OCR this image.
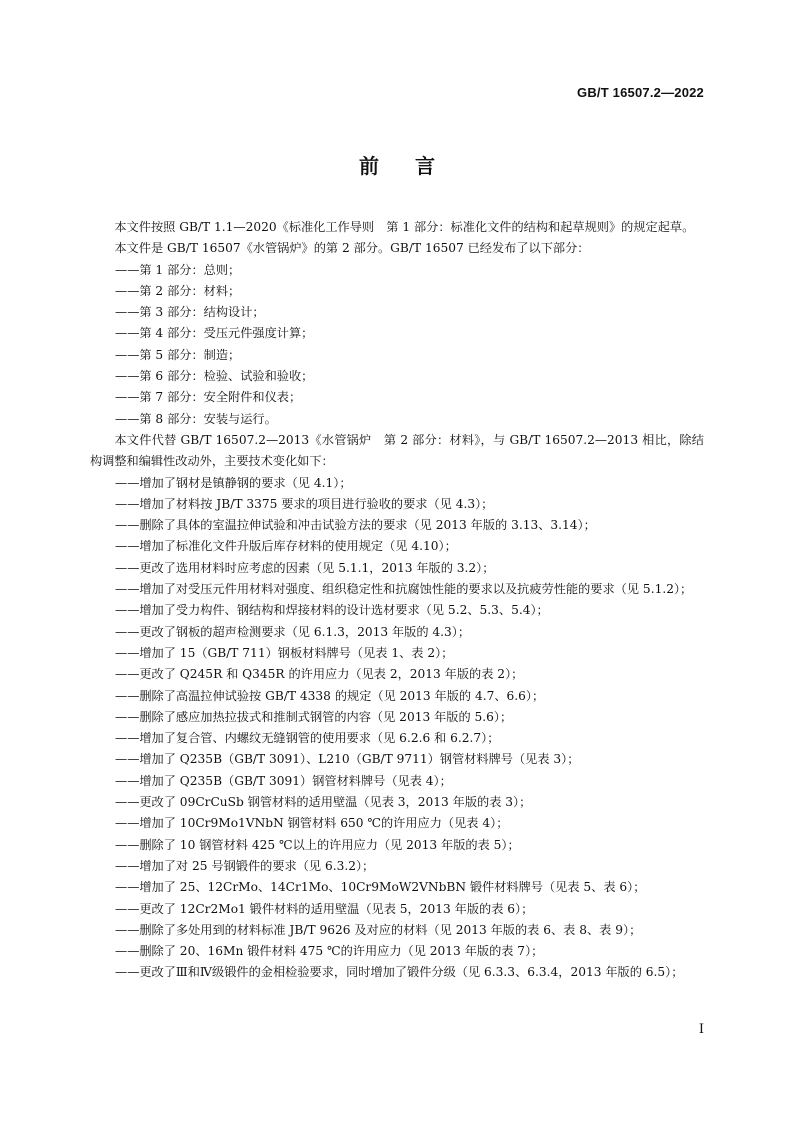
GB/T 16507.2—2022
前 言

本文件按照 GB/T 1.1—2020《标准化工作导则　第 1 部分：标准化文件的结构和起草规则》的规定起草。

本文件是 GB/T 16507《水管锅炉》的第 2 部分。GB/T 16507 已经发布了以下部分：

——第 1 部分：总则；

——第 2 部分：材料；

——第 3 部分：结构设计；

——第 4 部分：受压元件强度计算；

——第 5 部分：制造；

——第 6 部分：检验、试验和验收；

——第 7 部分：安全附件和仪表；

——第 8 部分：安装与运行。

本文件代替 GB/T 16507.2—2013《水管锅炉　第 2 部分：材料》，与 GB/T 16507.2—2013 相比，除结构调整和编辑性改动外，主要技术变化如下：

——增加了钢材是镇静钢的要求（见 4.1）；

——增加了材料按 JB/T 3375 要求的项目进行验收的要求（见 4.3）；

——删除了具体的室温拉伸试验和冲击试验方法的要求（见 2013 年版的 3.13、3.14）；

——增加了标准化文件升版后库存材料的使用规定（见 4.10）；

——更改了选用材料时应考虑的因素（见 5.1.1，2013 年版的 3.2）；

——增加了对受压元件用材料对强度、组织稳定性和抗腐蚀性能的要求以及抗疲劳性能的要求（见 5.1.2）；

——增加了受力构件、钢结构和焊接材料的设计选材要求（见 5.2、5.3、5.4）；

——更改了钢板的超声检测要求（见 6.1.3，2013 年版的 4.3）；

——增加了 15（GB/T 711）钢板材料牌号（见表 1、表 2）；

——更改了 Q245R 和 Q345R 的许用应力（见表 2，2013 年版的表 2）；

——删除了高温拉伸试验按 GB/T 4338 的规定（见 2013 年版的 4.7、6.6）；

——删除了感应加热拉拔式和推制式钢管的内容（见 2013 年版的 5.6）；

——增加了复合管、内螺纹无缝钢管的使用要求（见 6.2.6 和 6.2.7）；

——增加了 Q235B（GB/T 3091）、L210（GB/T 9711）钢管材料牌号（见表 3）；

——增加了 Q235B（GB/T 3091）钢管材料牌号（见表 4）；

——更改了 09CrCuSb 钢管材料的适用壁温（见表 3，2013 年版的表 3）；

——增加了 10Cr9Mo1VNbN 钢管材料 650 ℃的许用应力（见表 4）；

——删除了 10 钢管材料 425 ℃以上的许用应力（见 2013 年版的表 5）；

——增加了对 25 号钢锻件的要求（见 6.3.2）；

——增加了 25、12CrMo、14Cr1Mo、10Cr9MoW2VNbBN 锻件材料牌号（见表 5、表 6）；

——更改了 12Cr2Mo1 锻件材料的适用壁温（见表 5，2013 年版的表 6）；

——删除了多处用到的材料标准 JB/T 9626 及对应的材料（见 2013 年版的表 6、表 8、表 9）；

——删除了 20、16Mn 锻件材料 475 ℃的许用应力（见 2013 年版的表 7）；

——更改了Ⅲ和Ⅳ级锻件的金相检验要求，同时增加了锻件分级（见 6.3.3、6.3.4，2013 年版的 6.5）；

I
